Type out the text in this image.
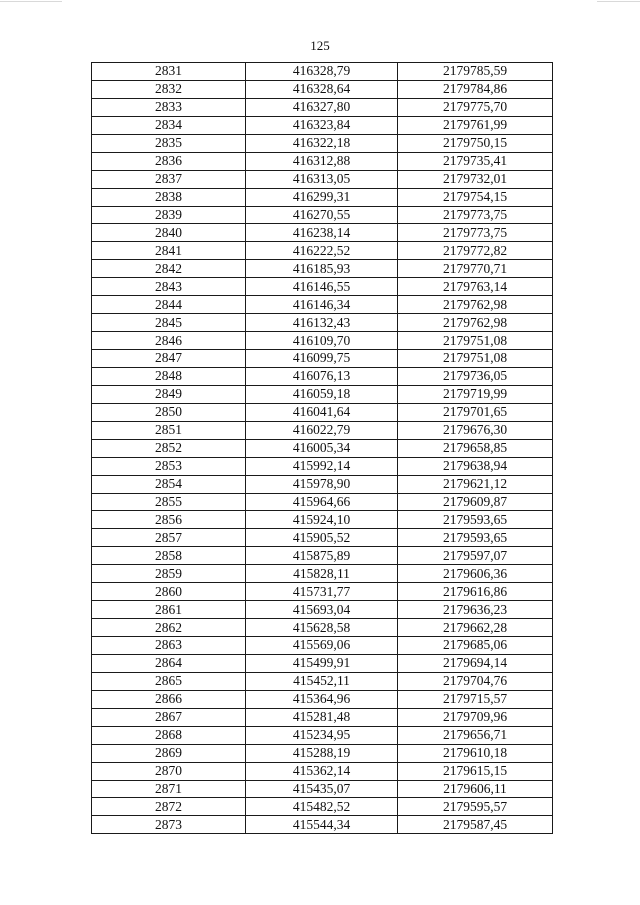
125
2831	416328,79	2179785,59
2832	416328,64	2179784,86
2833	416327,80	2179775,70
2834	416323,84	2179761,99
2835	416322,18	2179750,15
2836	416312,88	2179735,41
2837	416313,05	2179732,01
2838	416299,31	2179754,15
2839	416270,55	2179773,75
2840	416238,14	2179773,75
2841	416222,52	2179772,82
2842	416185,93	2179770,71
2843	416146,55	2179763,14
2844	416146,34	2179762,98
2845	416132,43	2179762,98
2846	416109,70	2179751,08
2847	416099,75	2179751,08
2848	416076,13	2179736,05
2849	416059,18	2179719,99
2850	416041,64	2179701,65
2851	416022,79	2179676,30
2852	416005,34	2179658,85
2853	415992,14	2179638,94
2854	415978,90	2179621,12
2855	415964,66	2179609,87
2856	415924,10	2179593,65
2857	415905,52	2179593,65
2858	415875,89	2179597,07
2859	415828,11	2179606,36
2860	415731,77	2179616,86
2861	415693,04	2179636,23
2862	415628,58	2179662,28
2863	415569,06	2179685,06
2864	415499,91	2179694,14
2865	415452,11	2179704,76
2866	415364,96	2179715,57
2867	415281,48	2179709,96
2868	415234,95	2179656,71
2869	415288,19	2179610,18
2870	415362,14	2179615,15
2871	415435,07	2179606,11
2872	415482,52	2179595,57
2873	415544,34	2179587,45
